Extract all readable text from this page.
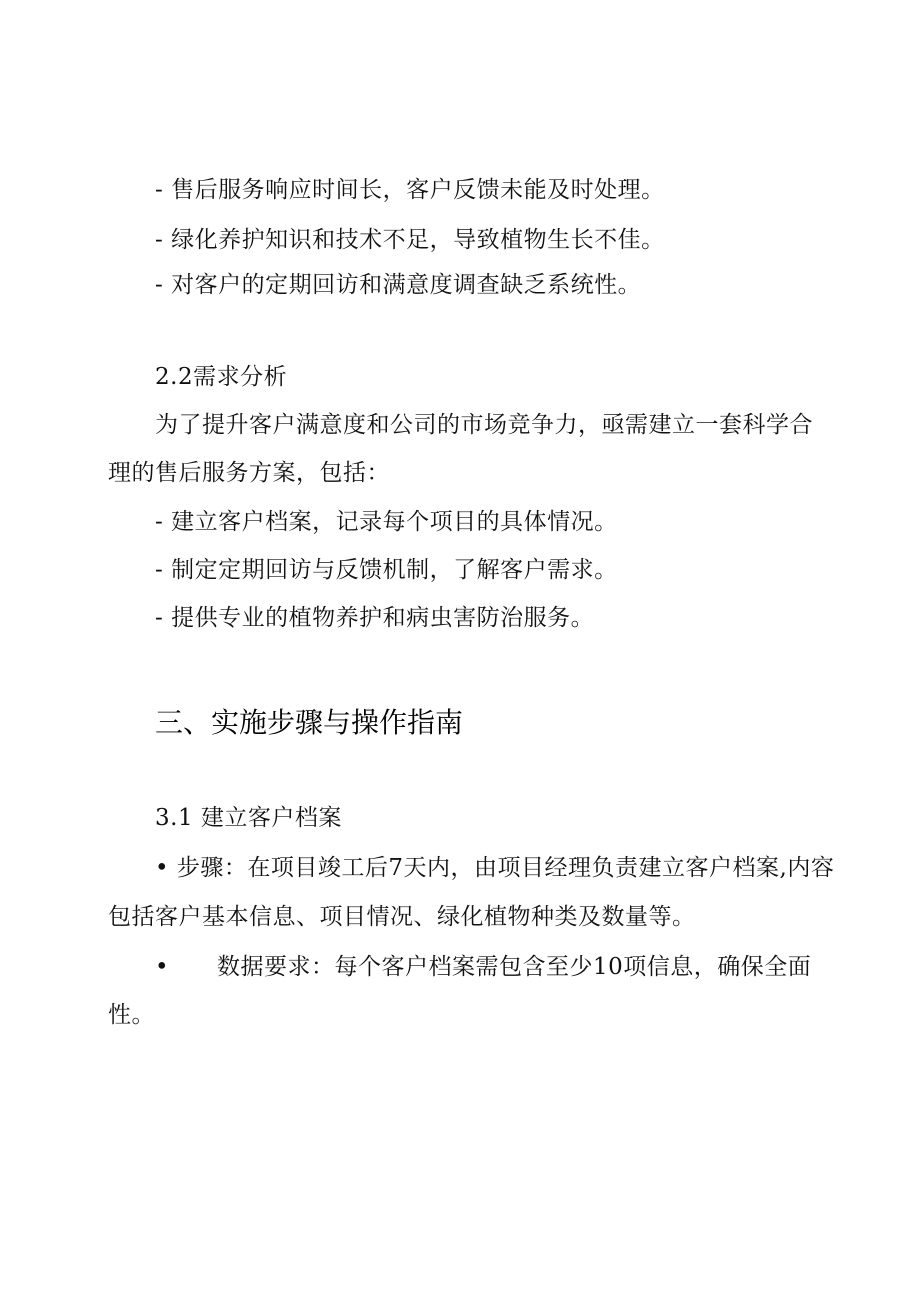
- 售后服务响应时间长，客户反馈未能及时处理。
- 绿化养护知识和技术不足，导致植物生长不佳。
- 对客户的定期回访和满意度调查缺乏系统性。
2.2需求分析
为了提升客户满意度和公司的市场竞争力，亟需建立一套科学合
理的售后服务方案，包括：
- 建立客户档案，记录每个项目的具体情况。
- 制定定期回访与反馈机制，了解客户需求。
- 提供专业的植物养护和病虫害防治服务。
三、实施步骤与操作指南
3.1 建立客户档案
• 步骤：在项目竣工后7天内，由项目经理负责建立客户档案,内容
包括客户基本信息、项目情况、绿化植物种类及数量等。
• 数据要求：每个客户档案需包含至少10项信息，确保全面
性。
